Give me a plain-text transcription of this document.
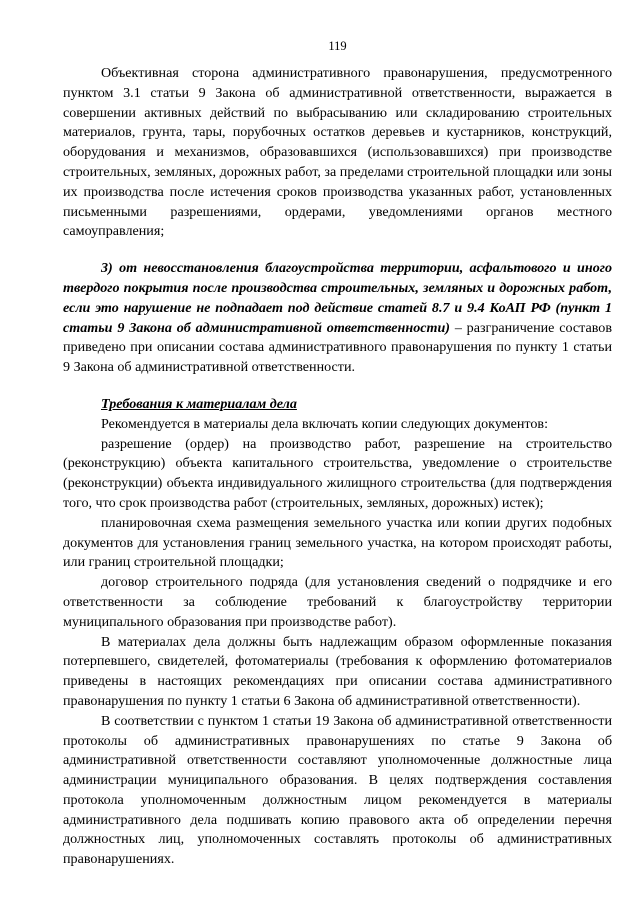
119

Объективная сторона административного правонарушения, предусмотренного пунктом 3.1 статьи 9 Закона об административной ответственности, выражается в совершении активных действий по выбрасыванию или складированию строительных материалов, грунта, тары, порубочных остатков деревьев и кустарников, конструкций, оборудования и механизмов, образовавшихся (использовавшихся) при производстве строительных, земляных, дорожных работ, за пределами строительной площадки или зоны их производства после истечения сроков производства указанных работ, установленных письменными разрешениями, ордерами, уведомлениями органов местного самоуправления;

3) от невосстановления благоустройства территории, асфальтового и иного твердого покрытия после производства строительных, земляных и дорожных работ, если это нарушение не подпадает под действие статей 8.7 и 9.4 КоАП РФ (пункт 1 статьи 9 Закона об административной ответственности) – разграничение составов приведено при описании состава административного правонарушения по пункту 1 статьи 9 Закона об административной ответственности.

Требования к материалам дела

Рекомендуется в материалы дела включать копии следующих документов:

разрешение (ордер) на производство работ, разрешение на строительство (реконструкцию) объекта капитального строительства, уведомление о строительстве (реконструкции) объекта индивидуального жилищного строительства (для подтверждения того, что срок производства работ (строительных, земляных, дорожных) истек);

планировочная схема размещения земельного участка или копии других подобных документов для установления границ земельного участка, на котором происходят работы, или границ строительной площадки;

договор строительного подряда (для установления сведений о подрядчике и его ответственности за соблюдение требований к благоустройству территории муниципального образования при производстве работ).

В материалах дела должны быть надлежащим образом оформленные показания потерпевшего, свидетелей, фотоматериалы (требования к оформлению фотоматериалов приведены в настоящих рекомендациях при описании состава административного правонарушения по пункту 1 статьи 6 Закона об административной ответственности).

В соответствии с пунктом 1 статьи 19 Закона об административной ответственности протоколы об административных правонарушениях по статье 9 Закона об административной ответственности составляют уполномоченные должностные лица администрации муниципального образования. В целях подтверждения составления протокола уполномоченным должностным лицом рекомендуется в материалы административного дела подшивать копию правового акта об определении перечня должностных лиц, уполномоченных составлять протоколы об административных правонарушениях.
